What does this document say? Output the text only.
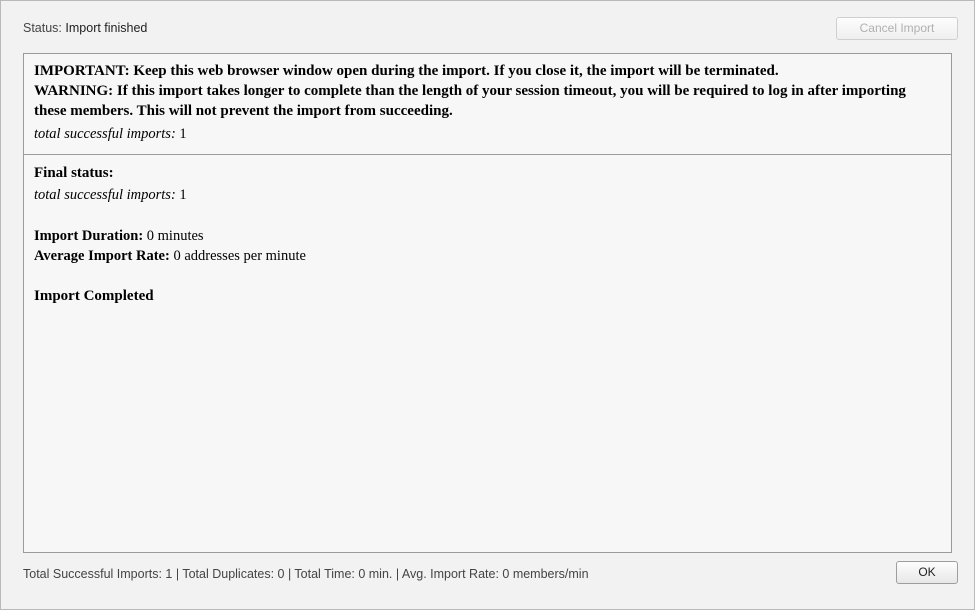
Status: Import finished	Cancel Import
IMPORTANT: Keep this web browser window open during the import. If you close it, the import will be terminated.
WARNING: If this import takes longer to complete than the length of your session timeout, you will be required to log in after importing these members. This will not prevent the import from succeeding.
total successful imports: 1
Final status:
total successful imports: 1
Import Duration: 0 minutes
Average Import Rate: 0 addresses per minute
Import Completed
Total Successful Imports: 1 | Total Duplicates: 0 | Total Time: 0 min. | Avg. Import Rate: 0 members/min	OK
